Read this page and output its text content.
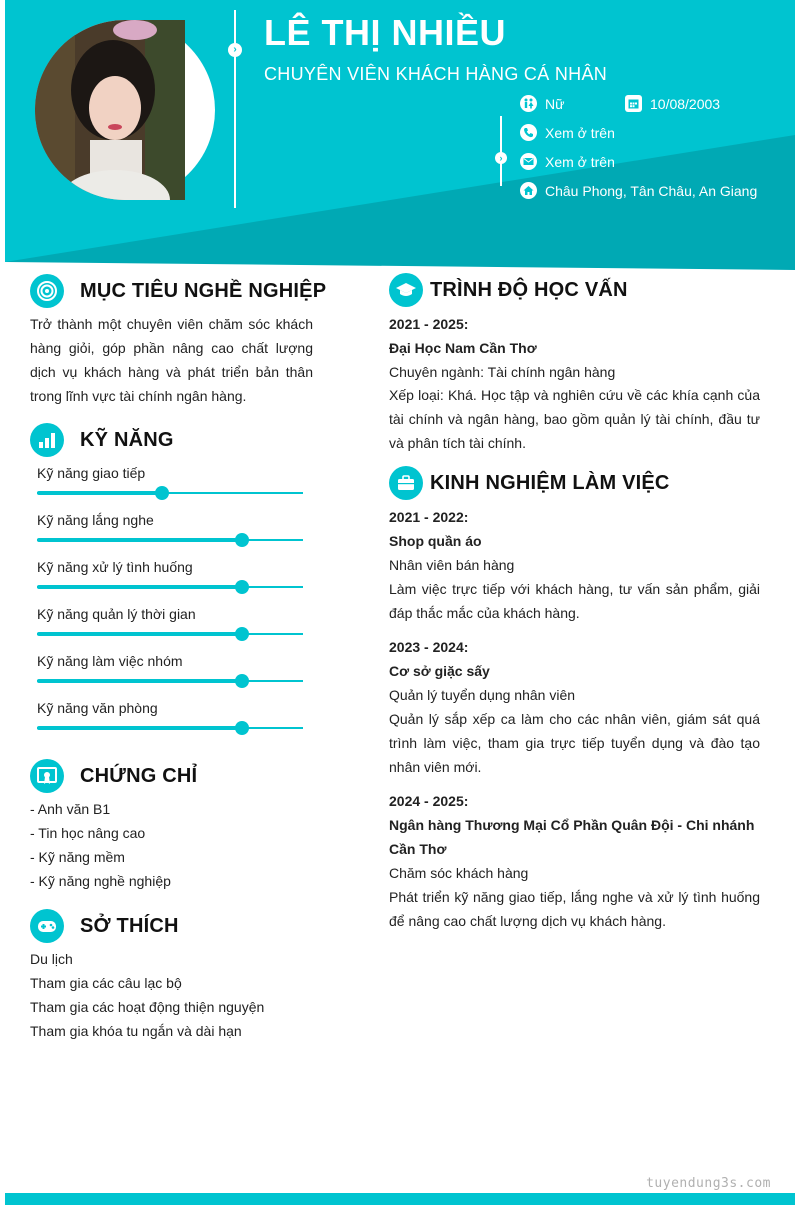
› LÊ THỊ NHIỀU
CHUYÊN VIÊN KHÁCH HÀNG CÁ NHÂN
›
Nữ	10/08/2003
Xem ở trên
Xem ở trên
Châu Phong, Tân Châu, An Giang
MỤC TIÊU NGHỀ NGHIỆP
Trở thành một chuyên viên chăm sóc khách hàng giỏi, góp phần nâng cao chất lượng dịch vụ khách hàng và phát triển bản thân trong lĩnh vực tài chính ngân hàng.
KỸ NĂNG
Kỹ năng giao tiếp
Kỹ năng lắng nghe
Kỹ năng xử lý tình huống
Kỹ năng quản lý thời gian
Kỹ năng làm việc nhóm
Kỹ năng văn phòng
CHỨNG CHỈ
- Anh văn B1
- Tin học nâng cao
- Kỹ năng mềm
- Kỹ năng nghề nghiệp
SỞ THÍCH
Du lịch
Tham gia các câu lạc bộ
Tham gia các hoạt động thiện nguyện
Tham gia khóa tu ngắn và dài hạn
TRÌNH ĐỘ HỌC VẤN
2021 - 2025:
Đại Học Nam Cần Thơ
Chuyên ngành: Tài chính ngân hàng
Xếp loại: Khá. Học tập và nghiên cứu về các khía cạnh của tài chính và ngân hàng, bao gồm quản lý tài chính, đầu tư và phân tích tài chính.
KINH NGHIỆM LÀM VIỆC
2021 - 2022:
Shop quần áo
Nhân viên bán hàng
Làm việc trực tiếp với khách hàng, tư vấn sản phẩm, giải đáp thắc mắc của khách hàng.
2023 - 2024:
Cơ sở giặc sấy
Quản lý tuyển dụng nhân viên
Quản lý sắp xếp ca làm cho các nhân viên, giám sát quá trình làm việc, tham gia trực tiếp tuyển dụng và đào tạo nhân viên mới.
2024 - 2025:
Ngân hàng Thương Mại Cổ Phần Quân Đội - Chi nhánh Cần Thơ
Chăm sóc khách hàng
Phát triển kỹ năng giao tiếp, lắng nghe và xử lý tình huống để nâng cao chất lượng dịch vụ khách hàng.
tuyendung3s.com
